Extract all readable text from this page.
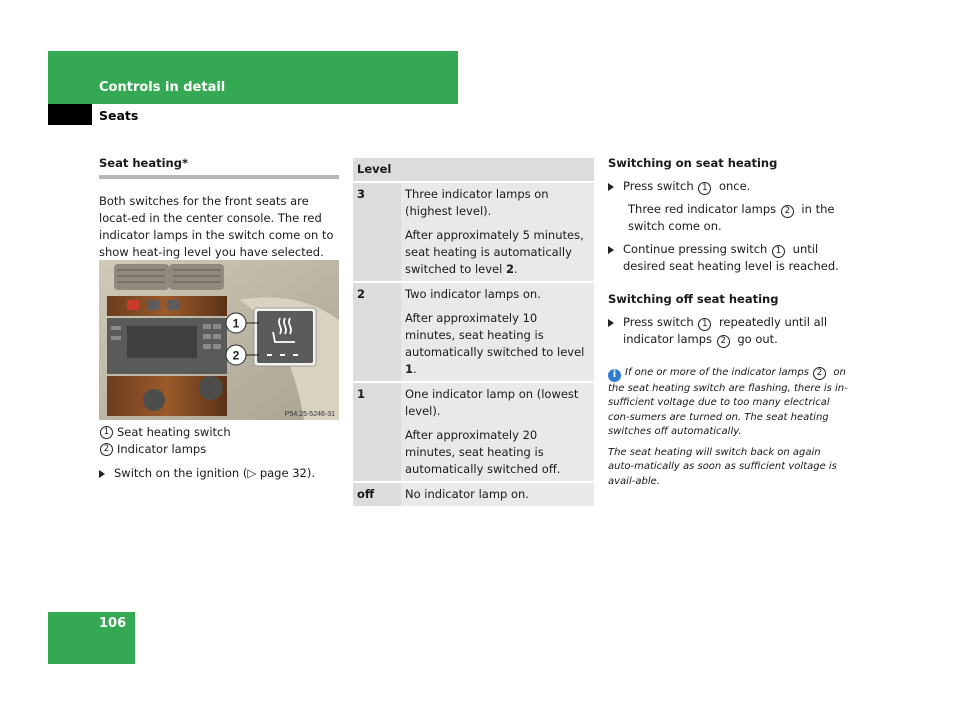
Controls in detail
Seats
Seat heating*
Both switches for the front seats are locat-ed in the center console. The red indicator lamps in the switch come on to show heat-ing level you have selected.
1
2
P54.25-5246-31
1 Seat heating switch
2 Indicator lamps
Switch on the ignition (▷ page 32).
Level	
3	Three indicator lamps on (highest level).
After approximately 5 minutes, seat heating is automatically switched to level 2.

2	Two indicator lamps on.
After approximately 10 minutes, seat heating is automatically switched to level 1.

1	One indicator lamp on (lowest level).
After approximately 20 minutes, seat heating is automatically switched off.

off	No indicator lamp on.
Switching on seat heating
Press switch 1 once.
Three red indicator lamps 2 in the switch come on.
Continue pressing switch 1 until desired seat heating level is reached.
Switching off seat heating
Press switch 1 repeatedly until all indicator lamps 2 go out.
i If one or more of the indicator lamps 2 on the seat heating switch are flashing, there is in-sufficient voltage due to too many electrical con-sumers are turned on. The seat heating switches off automatically.
The seat heating will switch back on again auto-matically as soon as sufficient voltage is avail-able.
106
